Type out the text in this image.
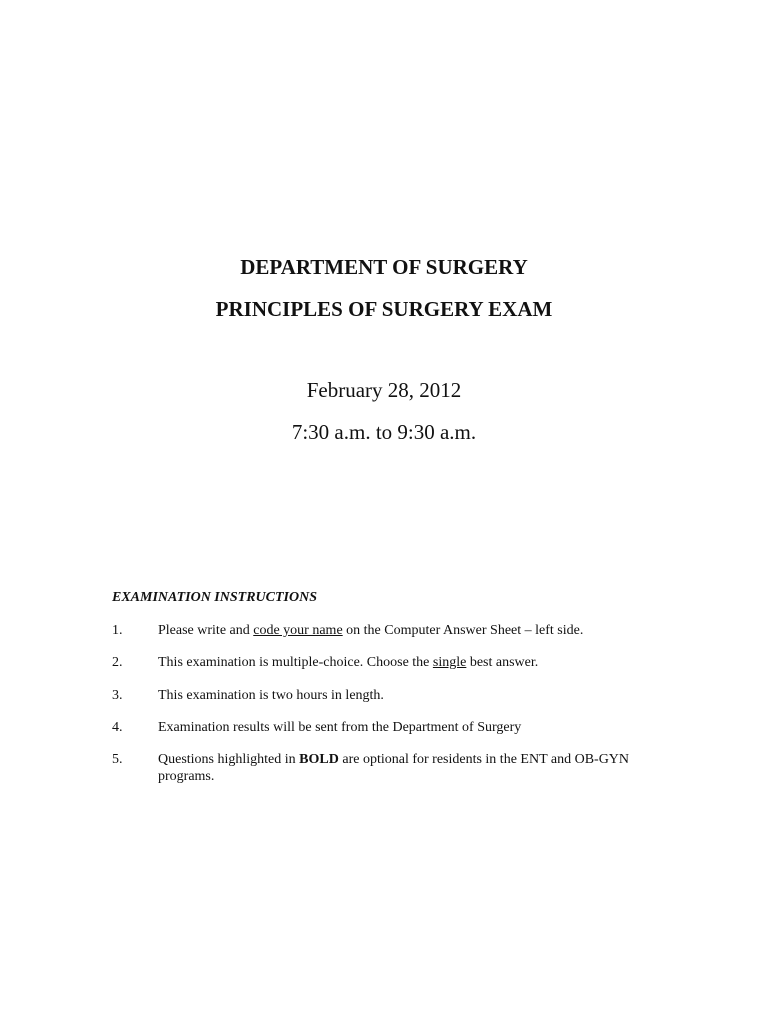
DEPARTMENT OF SURGERY
PRINCIPLES OF SURGERY EXAM
February 28, 2012
7:30 a.m. to 9:30 a.m.
EXAMINATION INSTRUCTIONS
1.	Please write and code your name on the Computer Answer Sheet – left side.
2.	This examination is multiple-choice. Choose the single best answer.
3.	This examination is two hours in length.
4.	Examination results will be sent from the Department of Surgery
5.	Questions highlighted in BOLD are optional for residents in the ENT and OB-GYN programs.
